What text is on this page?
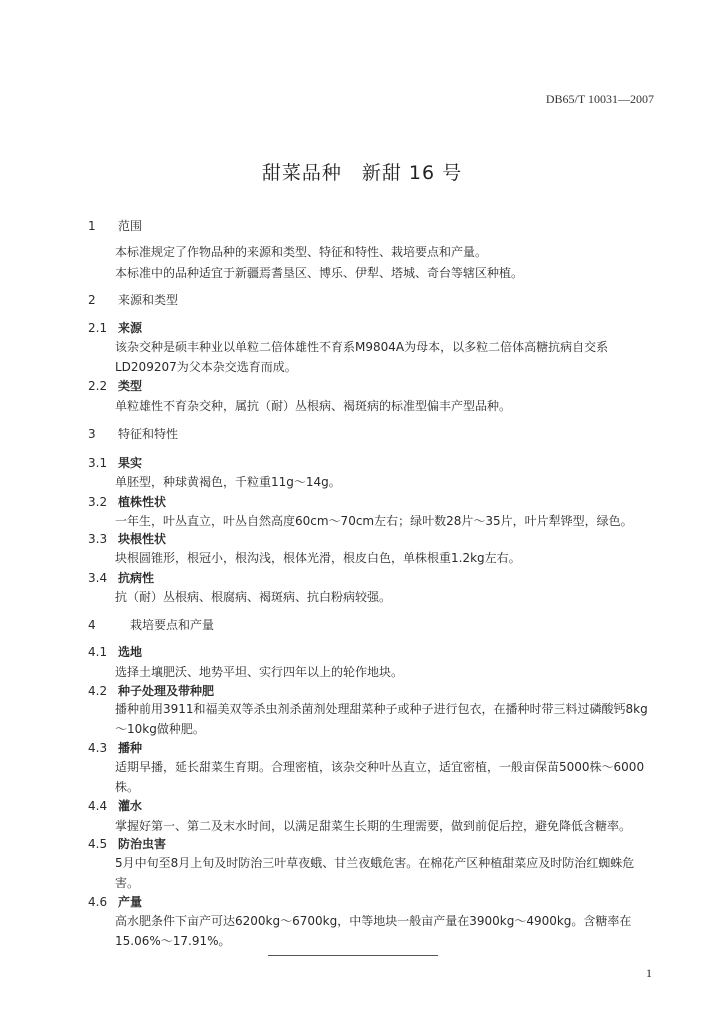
DB65/T 10031—2007
甜菜品种　新甜 16 号
1 范围
本标准规定了作物品种的来源和类型、特征和特性、栽培要点和产量。
本标准中的品种适宜于新疆焉耆垦区、博乐、伊犁、塔城、奇台等辖区种植。
2 来源和类型
2.1 来源
该杂交种是硕丰种业以单粒二倍体雄性不育系M9804A为母本，以多粒二倍体高糖抗病自交系LD209207为父本杂交选育而成。
2.2 类型
单粒雄性不育杂交种，属抗（耐）丛根病、褐斑病的标准型偏丰产型品种。
3 特征和特性
3.1 果实
单胚型，种球黄褐色，千粒重11g～14g。
3.2 植株性状
一年生，叶丛直立，叶丛自然高度60cm～70cm左右；绿叶数28片～35片，叶片犁铧型，绿色。
3.3 块根性状
块根圆锥形，根冠小，根沟浅，根体光滑，根皮白色，单株根重1.2kg左右。
3.4 抗病性
抗（耐）丛根病、根腐病、褐斑病、抗白粉病较强。
4	栽培要点和产量
4.1 选地
选择土壤肥沃、地势平坦、实行四年以上的轮作地块。
4.2 种子处理及带种肥
播种前用3911和福美双等杀虫剂杀菌剂处理甜菜种子或种子进行包衣，在播种时带三料过磷酸钙8kg～10kg做种肥。
4.3 播种
适期早播，延长甜菜生育期。合理密植，该杂交种叶丛直立，适宜密植，一般亩保苗5000株～6000株。
4.4 灌水
掌握好第一、第二及末水时间，以满足甜菜生长期的生理需要，做到前促后控，避免降低含糖率。
4.5 防治虫害
5月中旬至8月上旬及时防治三叶草夜蛾、甘兰夜蛾危害。在棉花产区种植甜菜应及时防治红蜘蛛危害。
4.6 产量
高水肥条件下亩产可达6200kg～6700kg，中等地块一般亩产量在3900kg～4900kg。含糖率在15.06%～17.91%。
1
